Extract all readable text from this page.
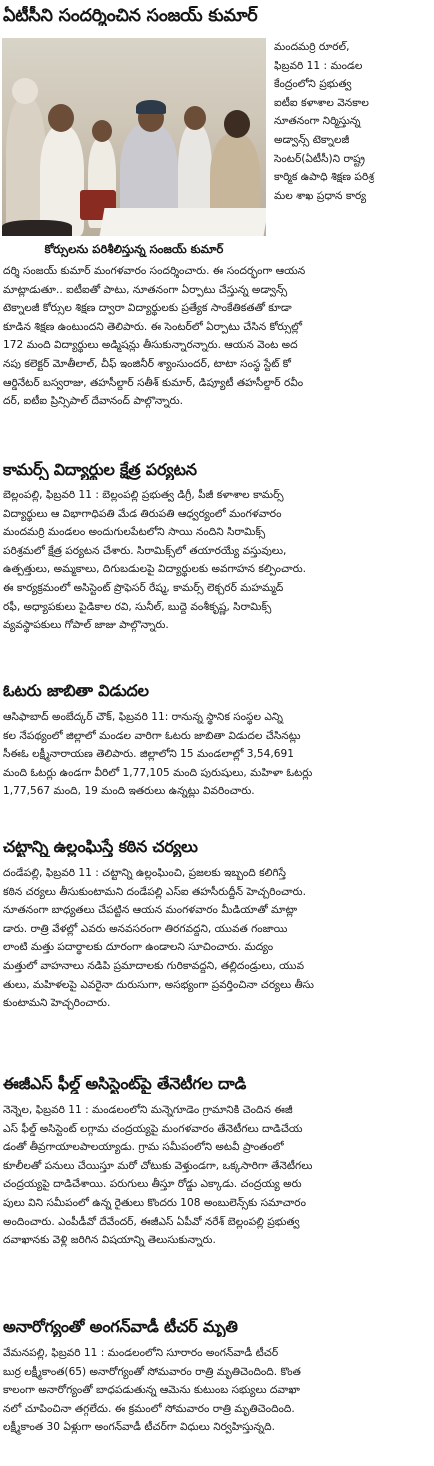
ఏటీసీని సందర్శించిన సంజయ్ కుమార్
కోర్సులను పరిశీలిస్తున్న సంజయ్ కుమార్
మందమర్రి రూరల్,
ఫిబ్రవరి 11 : మండల
కేంద్రంలోని ప్రభుత్వ
ఐటీఐ కళాశాల వెనకాల
నూతనంగా నిర్మిస్తున్న
అడ్వాన్స్ టెక్నాలజీ
సెంటర్(ఏటీసీ)ని రాష్ట్ర
కార్మిక ఉపాధి శిక్షణ పరిశ్ర
మల శాఖ ప్రధాన కార్య
దర్శి సంజయ్ కుమార్ మంగళవారం సందర్శించారు. ఈ సందర్భంగా ఆయన
మాట్లాడుతూ.. ఐటీఐతో పాటు, నూతనంగా ఏర్పాటు చేస్తున్న అడ్వాన్స్
టెక్నాలజీ కోర్సుల శిక్షణ ద్వారా విద్యార్థులకు ప్రత్యేక సాంకేతికతతో కూడా
కూడిన శిక్షణ ఉంటుందని తెలిపారు. ఈ సెంటర్‌లో ఏర్పాటు చేసిన కోర్సుల్లో
172 మంది విద్యార్థులు అడ్మిషన్లు తీసుకున్నారన్నారు. ఆయన వెంట అద
నపు కలెక్టర్ మోతీలాల్, చీఫ్ ఇంజినీర్ శ్యాంసుందర్, టాటా సంస్థ స్టేట్ కో
ఆర్డినేటర్ బస్వరాజు, తహసీల్దార్ సతీశ్ కుమార్, డిప్యూటీ తహసీల్దార్ రవీం
దర్, ఐటీఐ ప్రిన్సిపాల్ దేవానంద్ పాల్గొన్నారు.
కామర్స్ విద్యార్థుల క్షేత్ర పర్యటన
బెల్లంపల్లి, ఫిబ్రవరి 11 : బెల్లంపల్లి ప్రభుత్వ డిగ్రీ, పీజీ కళాశాల కామర్స్
విద్యార్థులు ఆ విభాగాధిపతి మేడ తిరుపతి ఆధ్వర్యంలో మంగళవారం
మందమర్రి మండలం అందుగులపేటలోని సాయి నందిని సిరామిక్స్
పరిశ్రమలో క్షేత్ర పర్యటన చేశారు. సిరామిక్స్‌లో తయారయ్యే వస్తువులు,
ఉత్పత్తులు, అమ్మకాలు, దిగుబడులపై విద్యార్థులకు అవగాహన కల్పించారు.
ఈ కార్యక్రమంలో అసిస్టెంట్ ప్రొఫెసర్ రేష్మ, కామర్స్ లెక్చరర్ మహమ్మద్
రఫీ, అధ్యాపకులు పైడికాల రవి, సునీల్, బుద్దె వంశీకృష్ణ, సిరామిక్స్
వ్యవస్థాపకులు గోపాల్ జాజు పాల్గొన్నారు.
ఓటరు జాబితా విడుదల
ఆసిఫాబాద్ అంబేద్కర్ చౌక్, ఫిబ్రవరి 11: రానున్న స్థానిక సంస్థల ఎన్ని
కల నేపథ్యంలో జిల్లాలో మండల వారిగా ఓటరు జాబితా విడుదల చేసినట్లు
సీఈఓ లక్ష్మీనారాయణ తెలిపారు. జిల్లాలోని 15 మండలాల్లో 3,54,691
మంది ఓటర్లు ఉండగా వీరిలో 1,77,105 మంది పురుషులు, మహిళా ఓటర్లు
1,77,567 మంది, 19 మంది ఇతరులు ఉన్నట్లు వివరించారు.
చట్టాన్ని ఉల్లంఘిస్తే కఠిన చర్యలు
దండేపల్లి, ఫిబ్రవరి 11 : చట్టాన్ని ఉల్లంఘించి, ప్రజలకు ఇబ్బంది కలిగిస్తే
కఠిన చర్యలు తీసుకుంటామని దండేపల్లి ఎస్ఐ తహసీరుద్దీన్ హెచ్చరించారు.
నూతనంగా బాధ్యతలు చేపట్టిన ఆయన మంగళవారం మీడియాతో మాట్లా
డారు. రాత్రి వేళల్లో ఎవరు అనవసరంగా తిరగవద్దని, యువత గంజాయి
లాంటి మత్తు పదార్థాలకు దూరంగా ఉండాలని సూచించారు. మద్యం
మత్తులో వాహనాలు నడిపి ప్రమాదాలకు గురికావద్దని, తల్లిదండ్రులు, యువ
తులు, మహిళలపై ఎవరైనా దురుసుగా, అసభ్యంగా ప్రవర్తించినా చర్యలు తీసు
కుంటామని హెచ్చరించారు.
ఈజీఎస్ ఫీల్డ్ అసిస్టెంట్‌పై తేనెటీగల దాడి
నెన్నెల, ఫిబ్రవరి 11 : మండలంలోని మన్నెగూడెం గ్రామానికి చెందిన ఈజీ
ఎస్ ఫీల్డ్ అసిస్టెంట్ లగ్గామ చంద్రయ్యపై మంగళవారం తేనెటీగలు దాడిచేయ
డంతో తీవ్రగాయాలపాలయ్యాడు. గ్రామ సమీపంలోని అటవీ ప్రాంతంలో
కూలీలతో పనులు చేయిస్తూ మరో చోటుకు వెళ్తుండగా, ఒక్కసారిగా తేనెటీగలు
చంద్రయ్యపై దాడిచేశాయి. పరుగులు తీస్తూ రోడ్డు ఎక్కాడు. చంద్రయ్య అరు
పులు విని సమీపంలో ఉన్న రైతులు కొందరు 108 అంబులెన్స్‌కు సమాచారం
అందించారు. ఎంపీడీవో దేవేందర్, ఈజీఎస్ ఏపీవో నరేశ్ బెల్లంపల్లి ప్రభుత్వ
దవాఖానకు వెళ్లి జరిగిన విషయాన్ని తెలుసుకున్నారు.
అనారోగ్యంతో అంగన్‌వాడీ టీచర్ మృతి
వేమనపల్లి, ఫిబ్రవరి 11 : మండలంలోని సూరారం అంగన్‌వాడీ టీచర్
బుర్ర లక్ష్మీకాంత(65) అనారోగ్యంతో సోమవారం రాత్రి మృతిచెందింది. కొంత
కాలంగా అనారోగ్యంతో బాధపడుతున్న ఆమెను కుటుంబ సభ్యులు దవాఖా
నలో చూపించినా తగ్గలేదు. ఈ క్రమంలో సోమవారం రాత్రి మృతిచెందింది.
లక్ష్మీకాంత 30 ఏళ్లుగా అంగన్‌వాడీ టీచర్‌గా విధులు నిర్వహిస్తున్నది.
